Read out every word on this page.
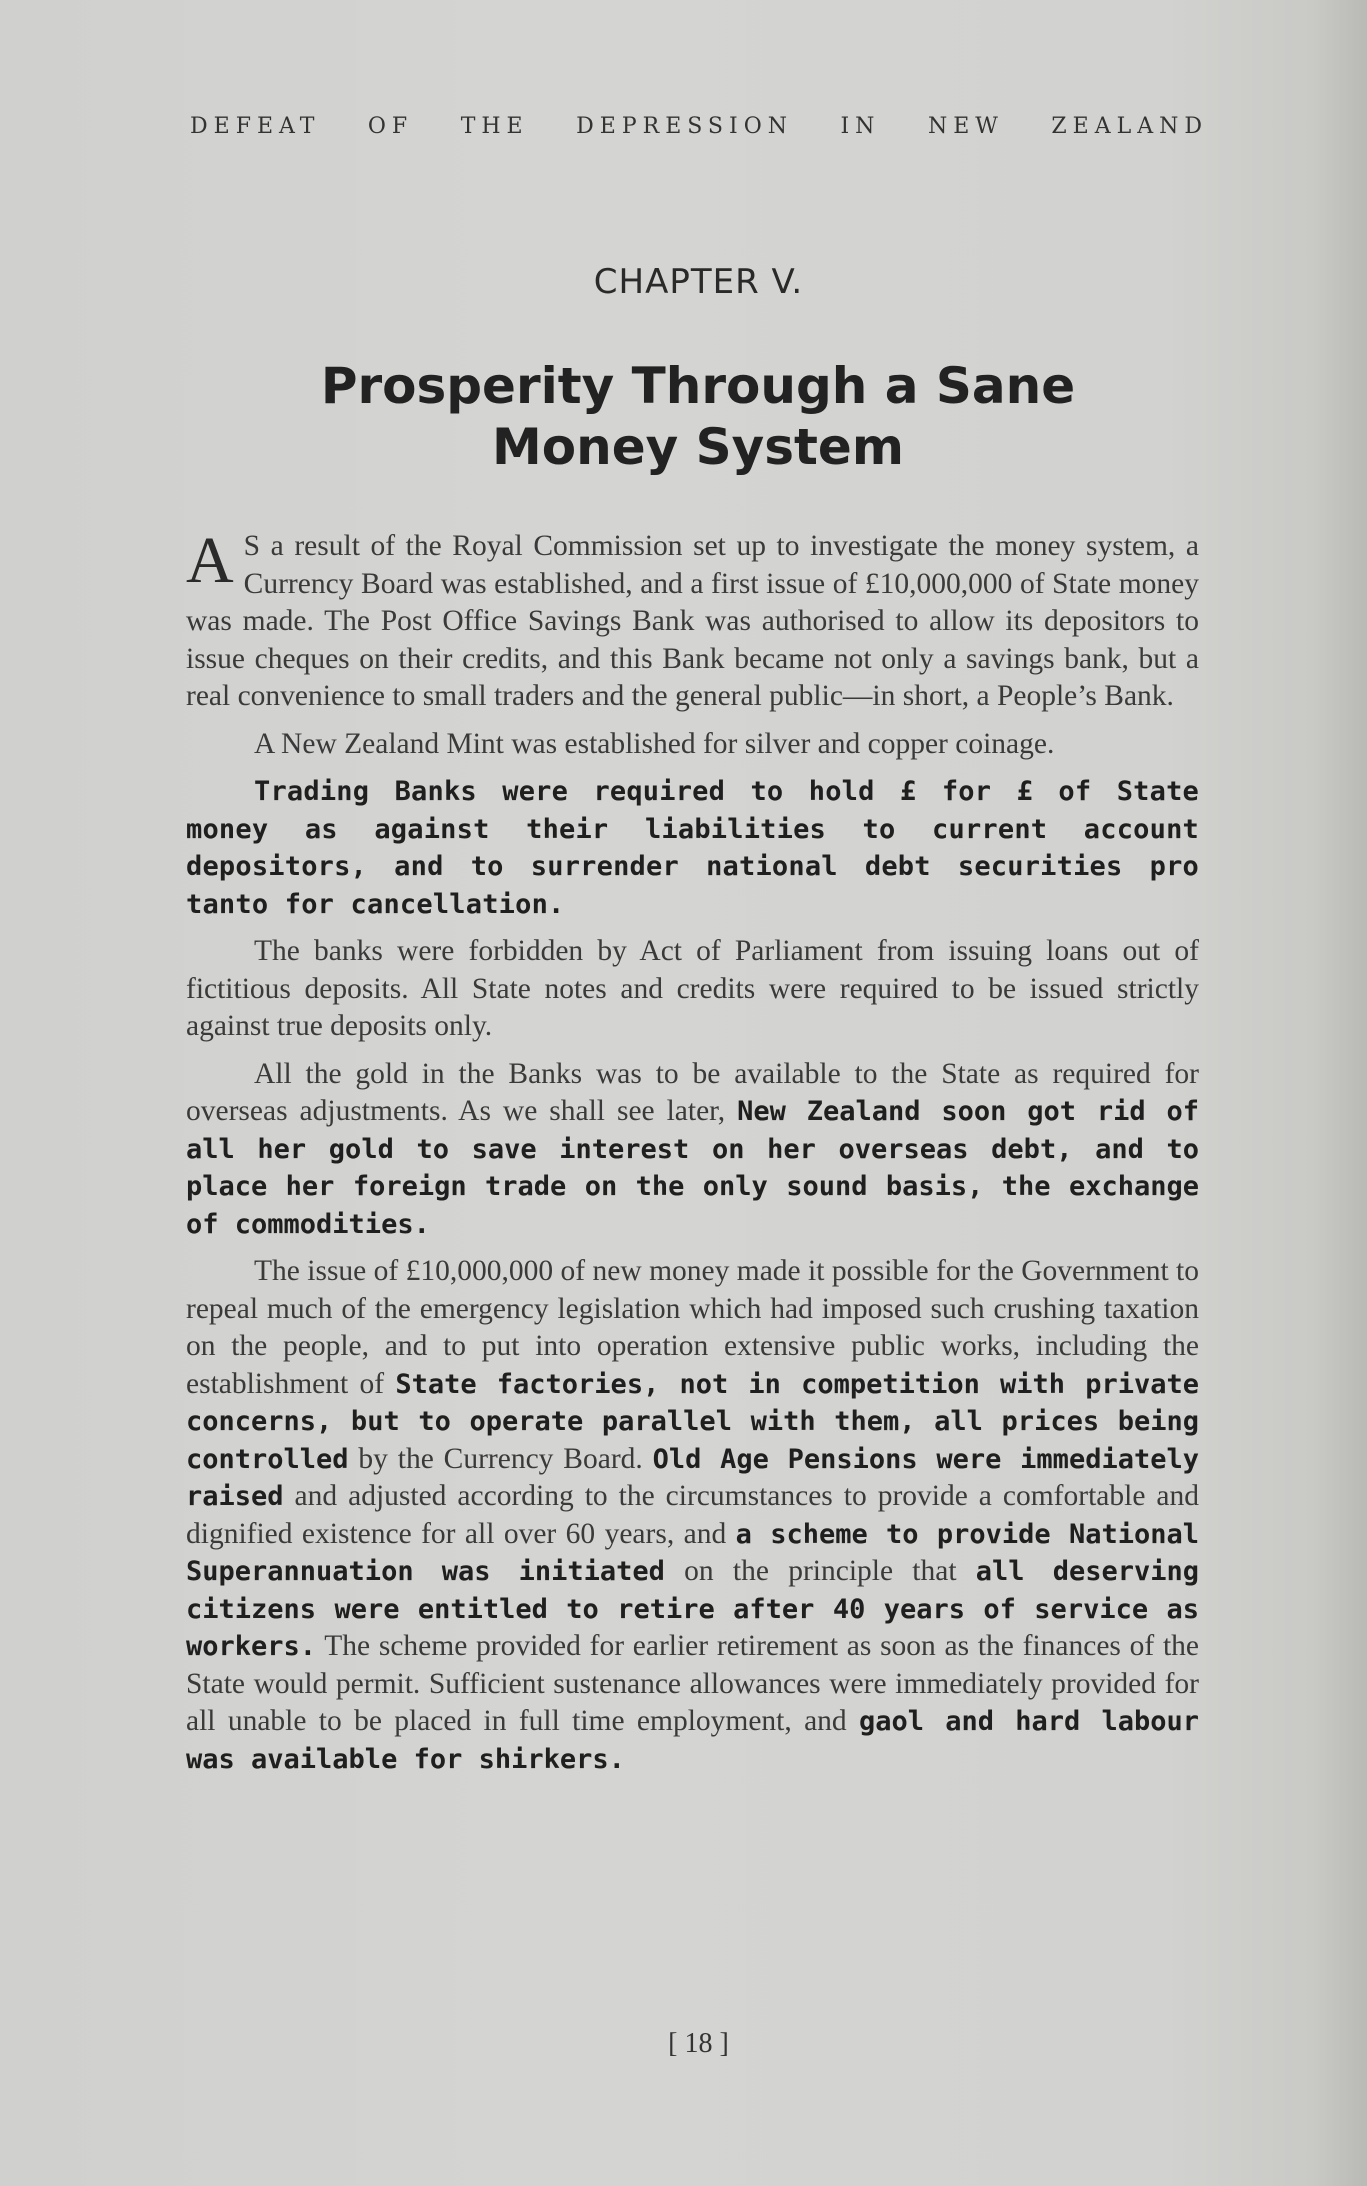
DEFEAT OF THE DEPRESSION IN NEW ZEALAND
CHAPTER V.
Prosperity Through a Sane Money System

A S a result of the Royal Commission set up to investigate the money system, a Currency Board was established, and a first issue of £10,000,000 of State money was made. The Post Office Savings Bank was authorised to allow its depositors to issue cheques on their credits, and this Bank became not only a savings bank, but a real convenience to small traders and the general public—in short, a People’s Bank.

A New Zealand Mint was established for silver and copper coinage.

Trading Banks were required to hold £ for £ of State money as against their liabilities to current account depositors, and to surrender national debt securities pro tanto for cancellation.

The banks were forbidden by Act of Parliament from issuing loans out of fictitious deposits. All State notes and credits were required to be issued strictly against true deposits only.

All the gold in the Banks was to be available to the State as required for overseas adjustments. As we shall see later, New Zealand soon got rid of all her gold to save interest on her overseas debt, and to place her foreign trade on the only sound basis, the exchange of commodities.

The issue of £10,000,000 of new money made it possible for the Government to repeal much of the emergency legislation which had imposed such crushing taxation on the people, and to put into operation extensive public works, including the establishment of State factories, not in competition with private concerns, but to operate parallel with them, all prices being controlled by the Currency Board. Old Age Pensions were immediately raised and adjusted according to the circumstances to provide a comfortable and dignified existence for all over 60 years, and a scheme to provide National Superannuation was initiated on the principle that all deserving citizens were entitled to retire after 40 years of service as workers. The scheme provided for earlier retirement as soon as the finances of the State would permit. Sufficient sustenance allowances were immediately provided for all unable to be placed in full time employment, and gaol and hard labour was available for shirkers.

[ 18 ]
